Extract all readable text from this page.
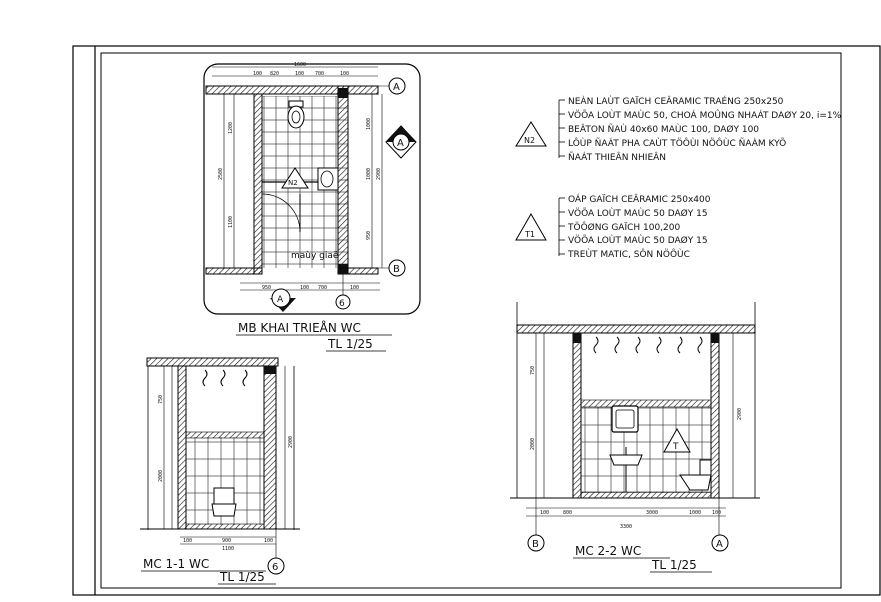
MB KHAI TRIEÅN WC
TL 1/25
maùy giaë
A
B
6
A
A
N2
1600
100 820	100 700	100
2500
1200
1100
2900
1000
1000
950
950	100 700	100
N2
NEÀN LAÙT GAÏCH CEÂRAMIC TRAÉNG 250x250
VÖÕA LOÙT MAÙC 50, CHOÁ MOÛNG NHAÁT DAØY 20, i=1%
BEÂTON ÑAÙ 40x60 MAÙC 100, DAØY 100
LÔÙP ÑAÁT PHA CAÙT TÖÔÙI NÖÔÙC ÑAÀM KYÕ
ÑAÁT THIEÂN NHIEÂN
T1
OÁP GAÏCH CEÂRAMIC 250x400
VÖÕA LOÙT MAÙC 50 DAØY 15
TÖÔØNG GAÏCH 100,200
VÖÕA LOÙT MAÙC 50 DAØY 15
TREÙT MATIC, SÔN NÖÔÙC
MC 1-1 WC
TL 1/25
6
2900
750
2000
1100
100	900	100
MC 2-2 WC
TL 1/25
B	A
T
2900
750
2000
3300
100	800	3000	1000 100
